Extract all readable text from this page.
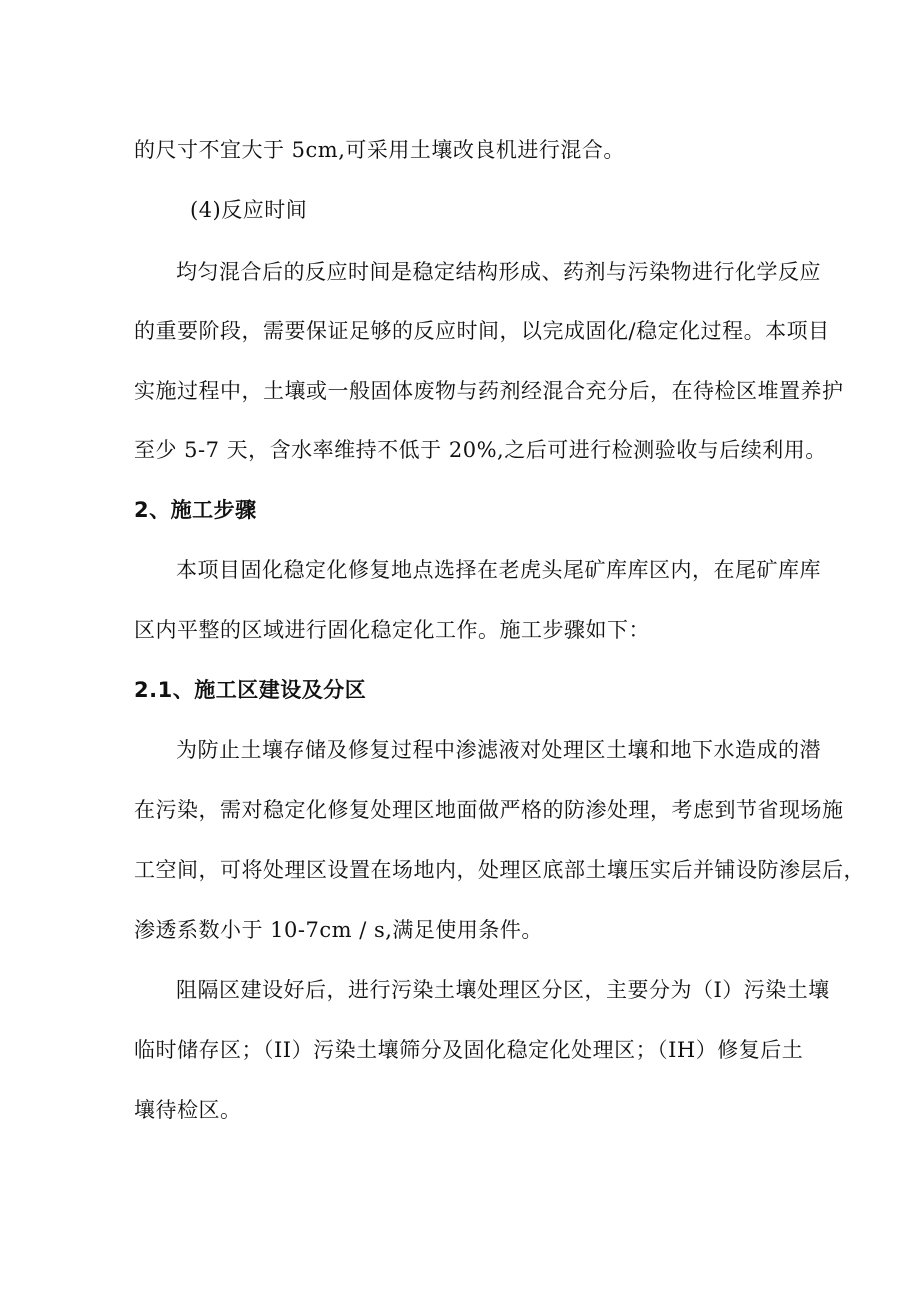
的尺寸不宜大于 5cm,可采用土壤改良机进行混合。
(4)反应时间
均匀混合后的反应时间是稳定结构形成、药剂与污染物进行化学反应
的重要阶段，需要保证足够的反应时间，以完成固化/稳定化过程。本项目
实施过程中，土壤或一般固体废物与药剂经混合充分后，在待检区堆置养护
至少 5-7 天，含水率维持不低于 20%,之后可进行检测验收与后续利用。
2、施工步骤
本项目固化稳定化修复地点选择在老虎头尾矿库库区内，在尾矿库库
区内平整的区域进行固化稳定化工作。施工步骤如下：
2.1、施工区建设及分区
为防止土壤存储及修复过程中渗滤液对处理区土壤和地下水造成的潜
在污染，需对稳定化修复处理区地面做严格的防渗处理，考虑到节省现场施
工空间，可将处理区设置在场地内，处理区底部土壤压实后并铺设防渗层后，
渗透系数小于 10-7cm / s,满足使用条件。
阻隔区建设好后，进行污染土壤处理区分区，主要分为（I）污染土壤
临时储存区；（II）污染土壤筛分及固化稳定化处理区；（IH）修复后土
壤待检区。
